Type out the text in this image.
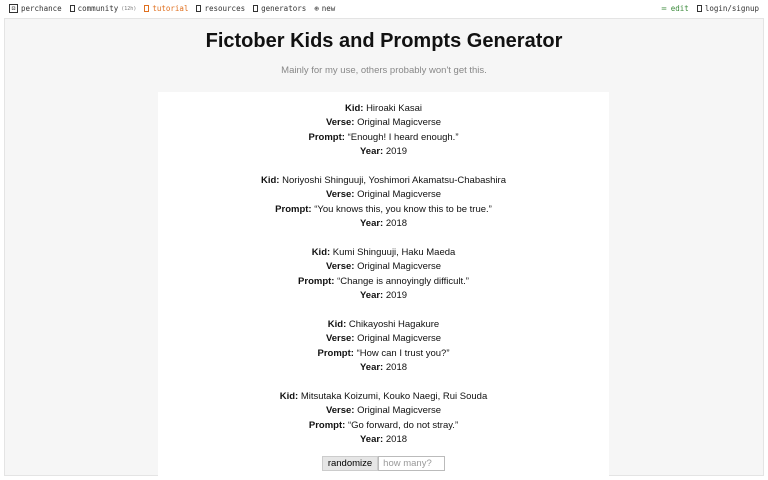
⚄ perchance community (12h) tutorial resources generators ⊕ new	═ edit login/signup
Fictober Kids and Prompts Generator
Mainly for my use, others probably won't get this.
Kid: Hiroaki Kasai
Verse: Original Magicverse
Prompt: “Enough! I heard enough.”
Year: 2019
Kid: Noriyoshi Shinguuji, Yoshimori Akamatsu-Chabashira
Verse: Original Magicverse
Prompt: “You knows this, you know this to be true.”
Year: 2018
Kid: Kumi Shinguuji, Haku Maeda
Verse: Original Magicverse
Prompt: “Change is annoyingly difficult.”
Year: 2019
Kid: Chikayoshi Hagakure
Verse: Original Magicverse
Prompt: “How can I trust you?”
Year: 2018
Kid: Mitsutaka Koizumi, Kouko Naegi, Rui Souda
Verse: Original Magicverse
Prompt: “Go forward, do not stray.”
Year: 2018
randomize
how many?
